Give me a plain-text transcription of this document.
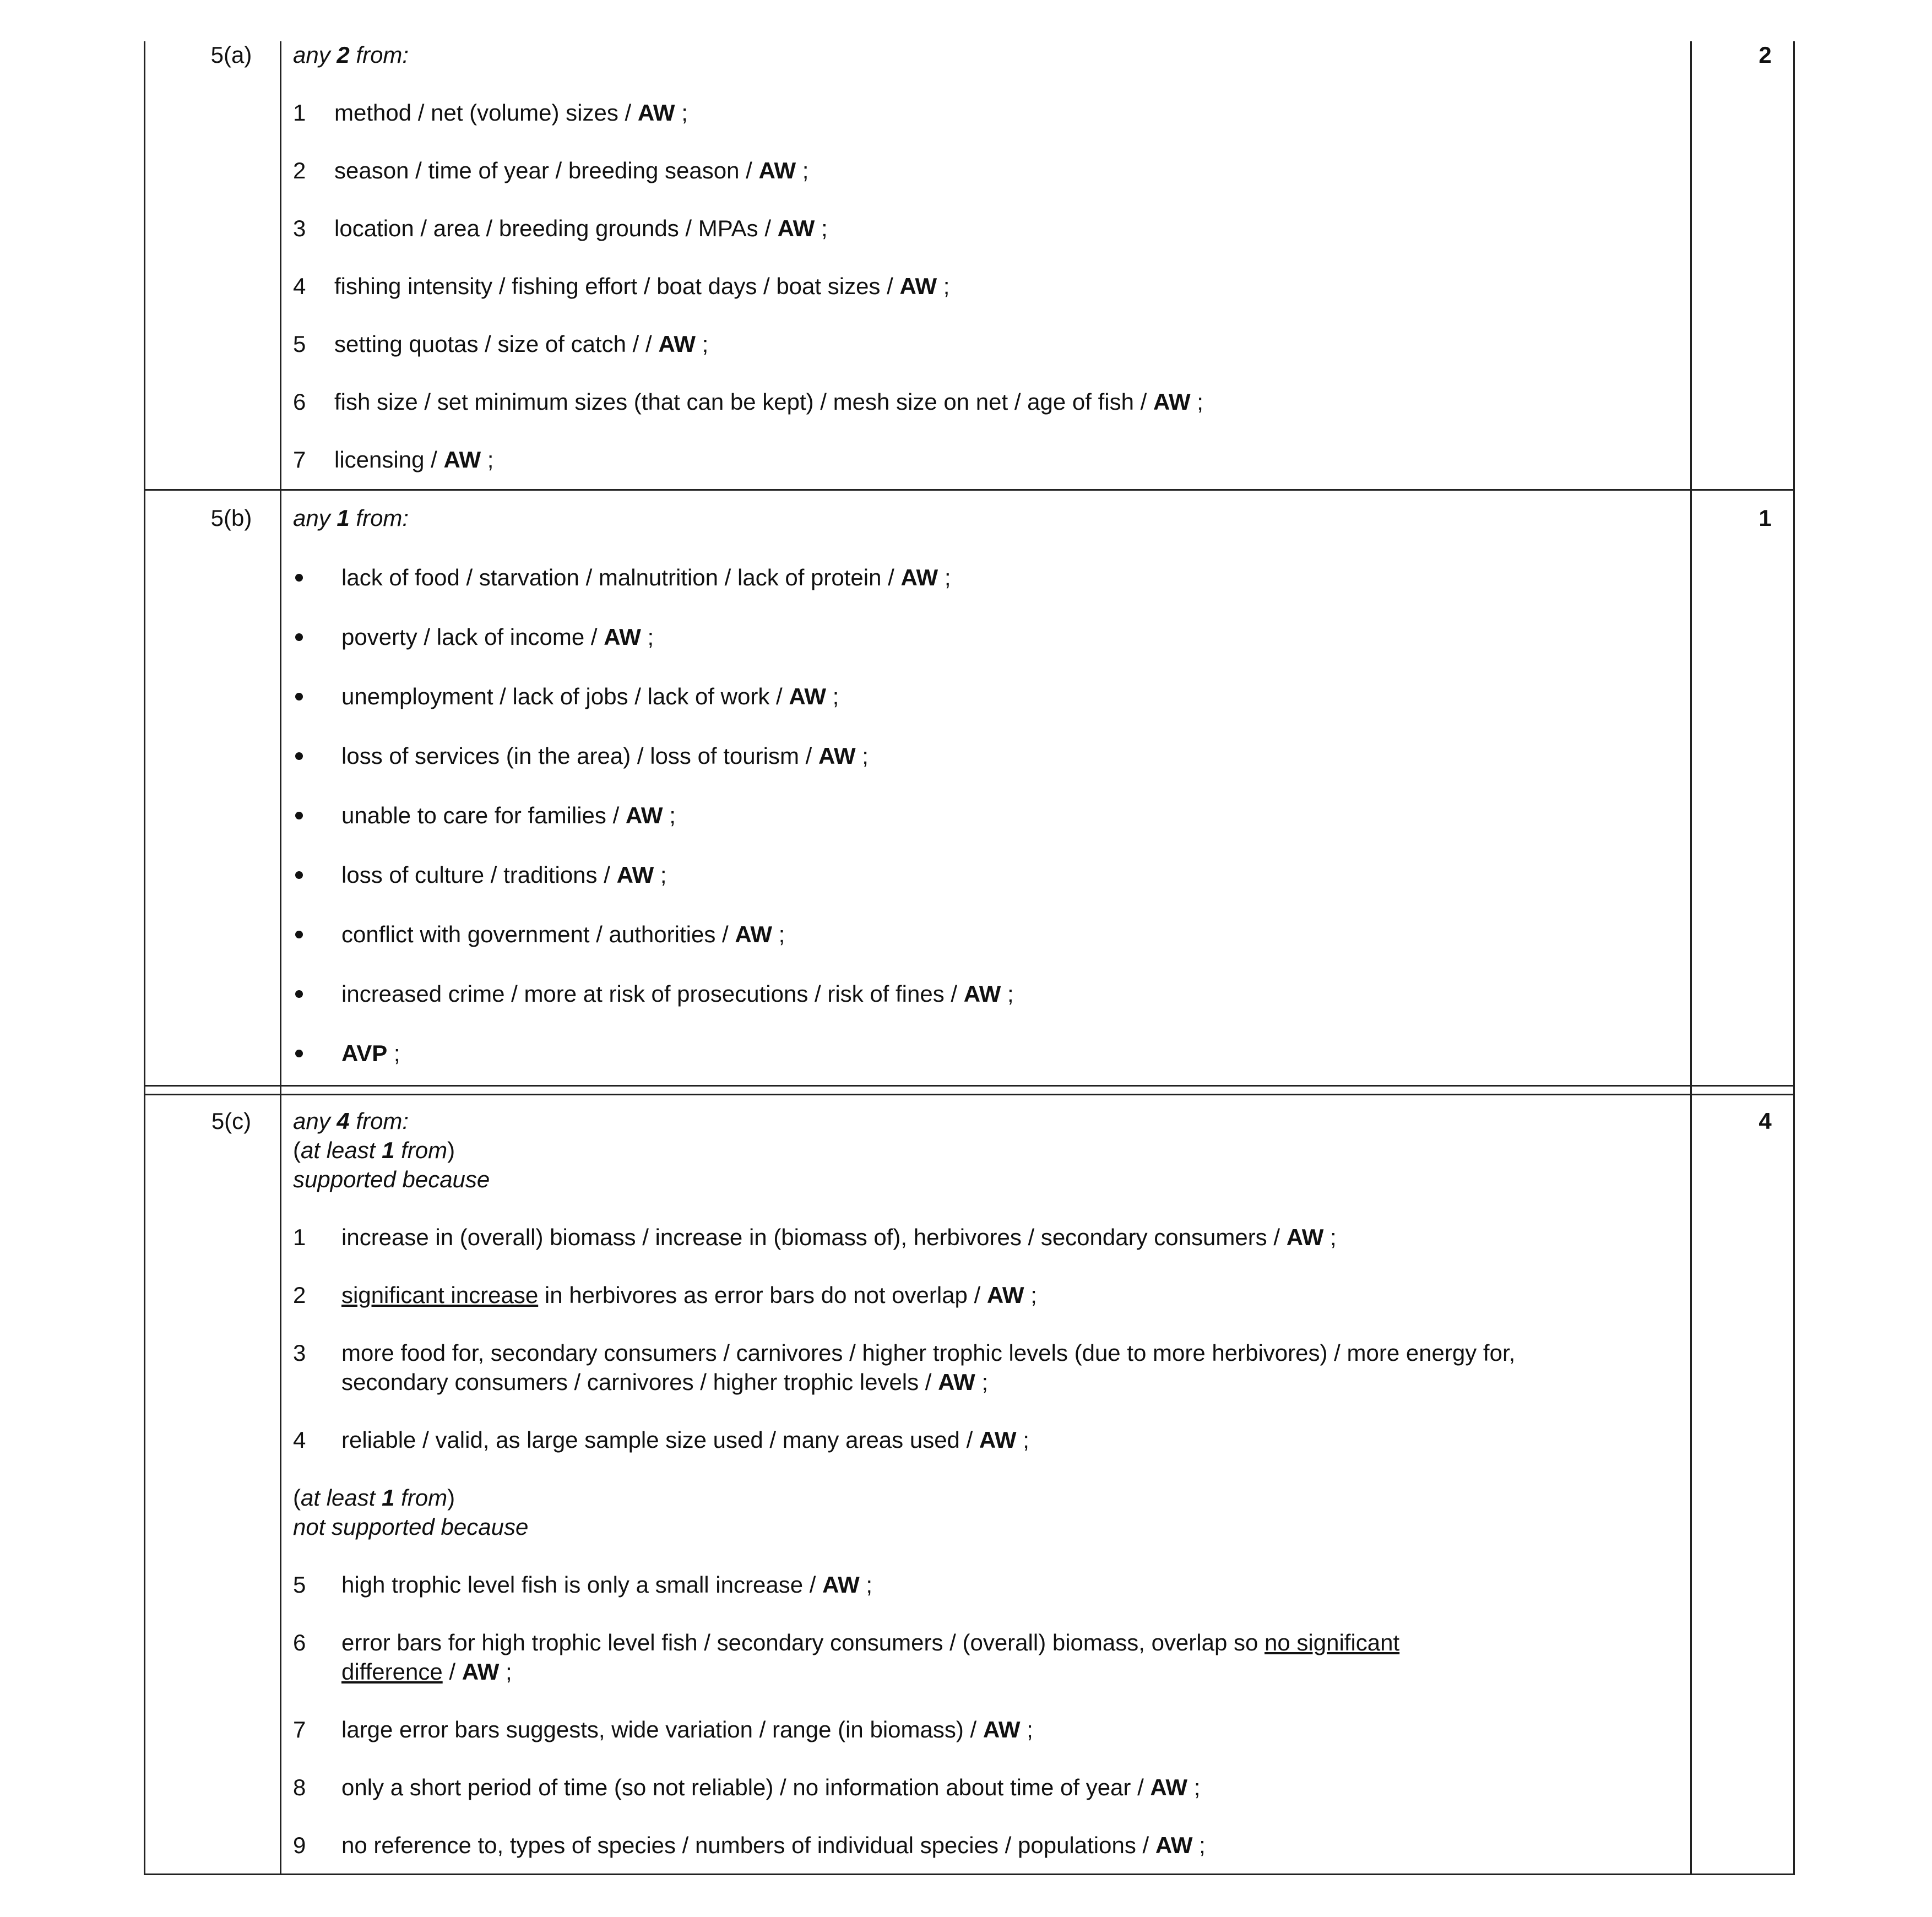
5(a)	2
any 2 from:
1 method / net (volume) sizes / AW ;
2 season / time of year / breeding season / AW ;
3 location / area / breeding grounds / MPAs / AW ;
4 fishing intensity / fishing effort / boat days / boat sizes / AW ;
5 setting quotas / size of catch / / AW ;
6 fish size / set minimum sizes (that can be kept) / mesh size on net / age of fish / AW ;
7 licensing / AW ;
5(b)	1
any 1 from:
lack of food / starvation / malnutrition / lack of protein / AW ;
poverty / lack of income / AW ;
unemployment / lack of jobs / lack of work / AW ;
loss of services (in the area) / loss of tourism / AW ;
unable to care for families / AW ;
loss of culture / traditions / AW ;
conflict with government / authorities / AW ;
increased crime / more at risk of prosecutions / risk of fines / AW ;
AVP ;
5(c)	4
any 4 from:
(at least 1 from)
supported because
1 increase in (overall) biomass / increase in (biomass of), herbivores / secondary consumers / AW ;
2 significant increase in herbivores as error bars do not overlap / AW ;
3 more food for, secondary consumers / carnivores / higher trophic levels (due to more herbivores) / more energy for,
secondary consumers / carnivores / higher trophic levels / AW ;
4 reliable / valid, as large sample size used / many areas used / AW ;
(at least 1 from)
not supported because
5 high trophic level fish is only a small increase / AW ;
6 error bars for high trophic level fish / secondary consumers / (overall) biomass, overlap so no significant
difference / AW ;
7 large error bars suggests, wide variation / range (in biomass) / AW ;
8 only a short period of time (so not reliable) / no information about time of year / AW ;
9 no reference to, types of species / numbers of individual species / populations / AW ;
